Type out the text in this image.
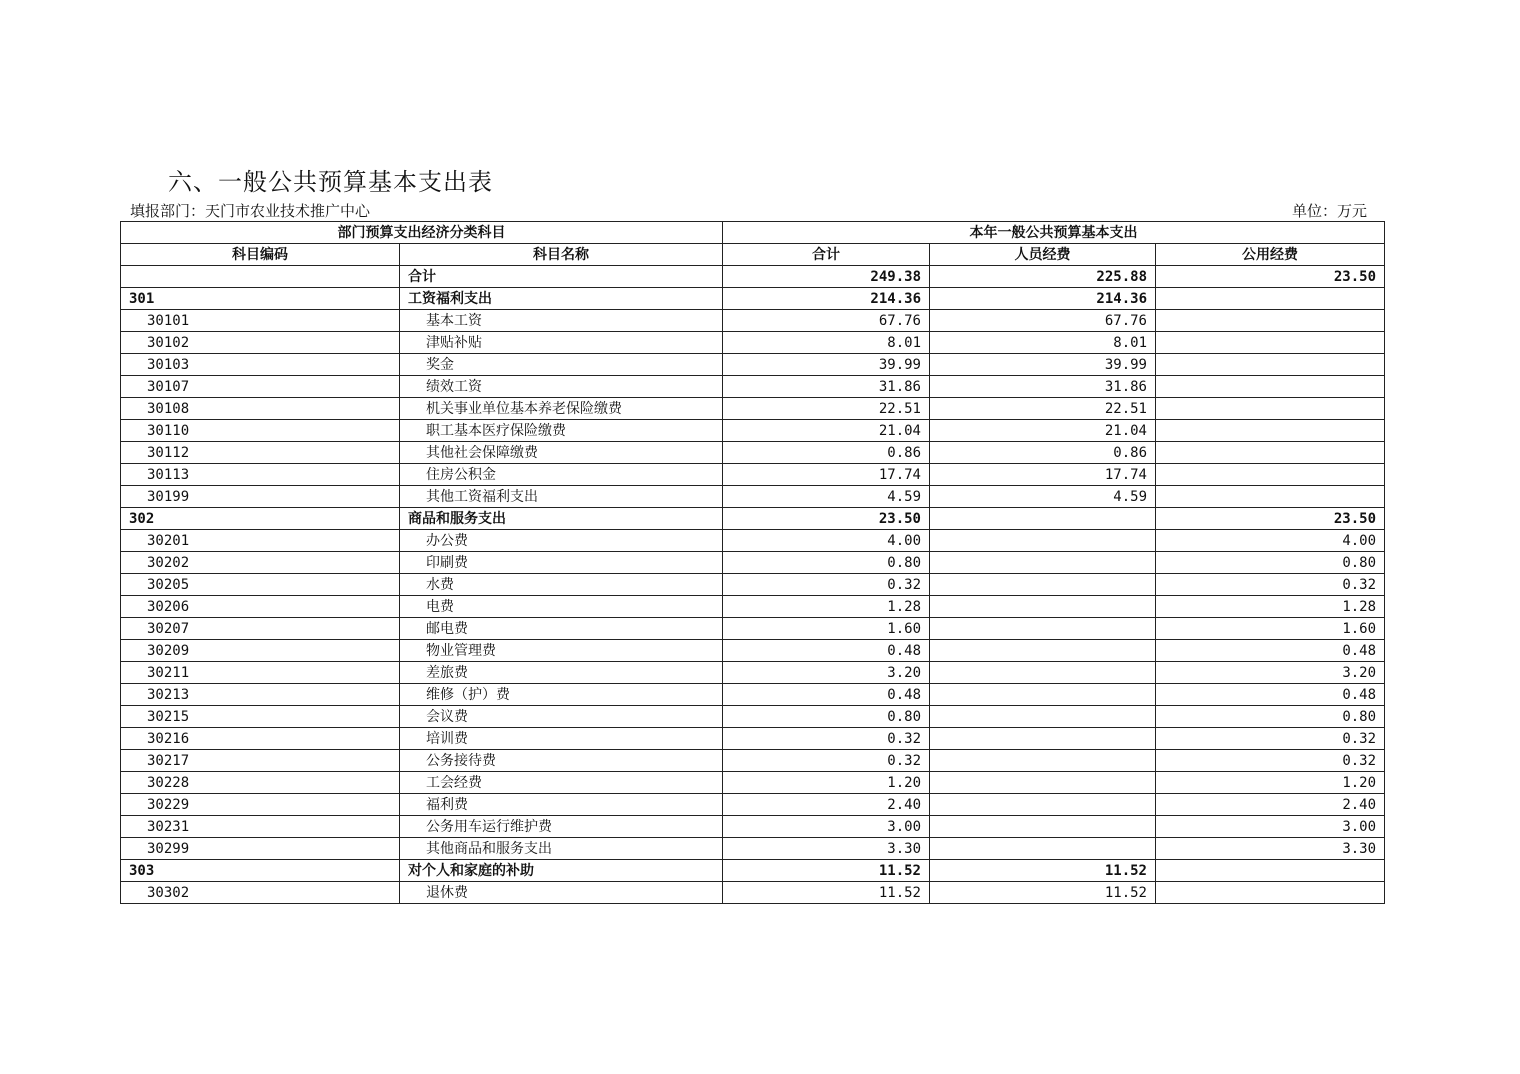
六、一般公共预算基本支出表
填报部门：天门市农业技术推广中心	单位：万元
部门预算支出经济分类科目		本年一般公共预算基本支出		
科目编码	科目名称	合计	人员经费	公用经费
	合计	249.38	225.88	23.50
301	工资福利支出	214.36	214.36	
30101	基本工资	67.76	67.76	
30102	津贴补贴	8.01	8.01	
30103	奖金	39.99	39.99	
30107	绩效工资	31.86	31.86	
30108	机关事业单位基本养老保险缴费	22.51	22.51	
30110	职工基本医疗保险缴费	21.04	21.04	
30112	其他社会保障缴费	0.86	0.86	
30113	住房公积金	17.74	17.74	
30199	其他工资福利支出	4.59	4.59	
302	商品和服务支出	23.50		23.50
30201	办公费	4.00		4.00
30202	印刷费	0.80		0.80
30205	水费	0.32		0.32
30206	电费	1.28		1.28
30207	邮电费	1.60		1.60
30209	物业管理费	0.48		0.48
30211	差旅费	3.20		3.20
30213	维修（护）费	0.48		0.48
30215	会议费	0.80		0.80
30216	培训费	0.32		0.32
30217	公务接待费	0.32		0.32
30228	工会经费	1.20		1.20
30229	福利费	2.40		2.40
30231	公务用车运行维护费	3.00		3.00
30299	其他商品和服务支出	3.30		3.30
303	对个人和家庭的补助	11.52	11.52	
30302	退休费	11.52	11.52	
